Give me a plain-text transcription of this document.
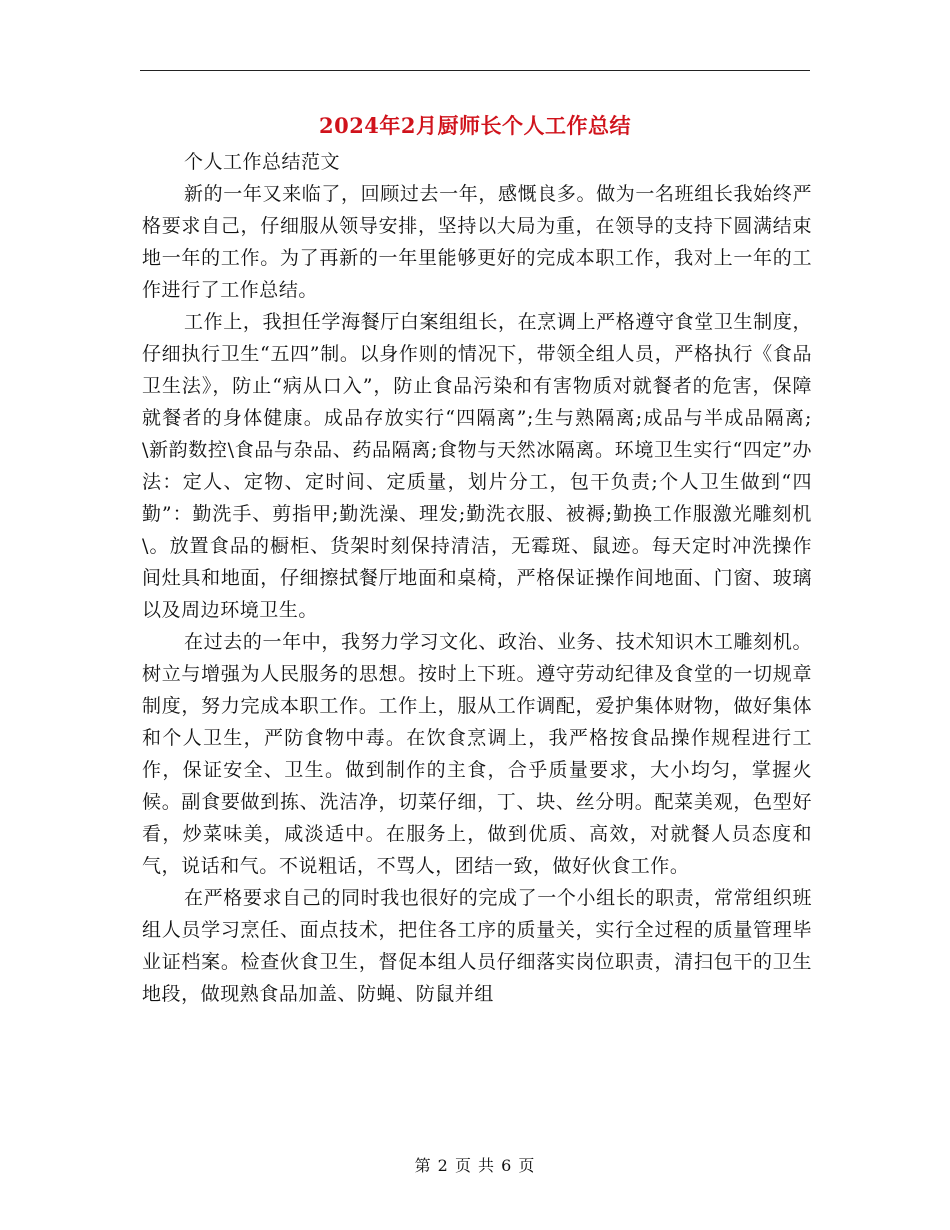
2024年2月厨师长个人工作总结

个人工作总结范文

新的一年又来临了，回顾过去一年，感慨良多。做为一名班组长我始终严格要求自己，仔细服从领导安排，坚持以大局为重，在领导的支持下圆满结束地一年的工作。为了再新的一年里能够更好的完成本职工作，我对上一年的工作进行了工作总结。

工作上，我担任学海餐厅白案组组长，在烹调上严格遵守食堂卫生制度，仔细执行卫生“五四”制。以身作则的情况下，带领全组人员，严格执行《食品卫生法》，防止“病从口入”，防止食品污染和有害物质对就餐者的危害，保障就餐者的身体健康。成品存放实行“四隔离”;生与熟隔离;成品与半成品隔离; \新韵数控\食品与杂品、药品隔离;食物与天然冰隔离。环境卫生实行“四定”办法：定人、定物、定时间、定质量，划片分工，包干负责;个人卫生做到“四勤”：勤洗手、剪指甲;勤洗澡、理发;勤洗衣服、被褥;勤换工作服激光雕刻机\。放置食品的橱柜、货架时刻保持清洁，无霉斑、鼠迹。每天定时冲洗操作间灶具和地面，仔细擦拭餐厅地面和桌椅，严格保证操作间地面、门窗、玻璃以及周边环境卫生。

在过去的一年中，我努力学习文化、政治、业务、技术知识木工雕刻机。树立与增强为人民服务的思想。按时上下班。遵守劳动纪律及食堂的一切规章制度，努力完成本职工作。工作上，服从工作调配，爱护集体财物，做好集体和个人卫生，严防食物中毒。在饮食烹调上，我严格按食品操作规程进行工作，保证安全、卫生。做到制作的主食，合乎质量要求，大小均匀，掌握火候。副食要做到拣、洗洁净，切菜仔细，丁、块、丝分明。配菜美观，色型好看，炒菜味美，咸淡适中。在服务上，做到优质、高效，对就餐人员态度和气，说话和气。不说粗话，不骂人，团结一致，做好伙食工作。

在严格要求自己的同时我也很好的完成了一个小组长的职责，常常组织班组人员学习烹任、面点技术，把住各工序的质量关，实行全过程的质量管理毕业证档案。检查伙食卫生，督促本组人员仔细落实岗位职责，清扫包干的卫生地段，做现熟食品加盖、防蝇、防鼠并组

第 2 页 共 6 页
